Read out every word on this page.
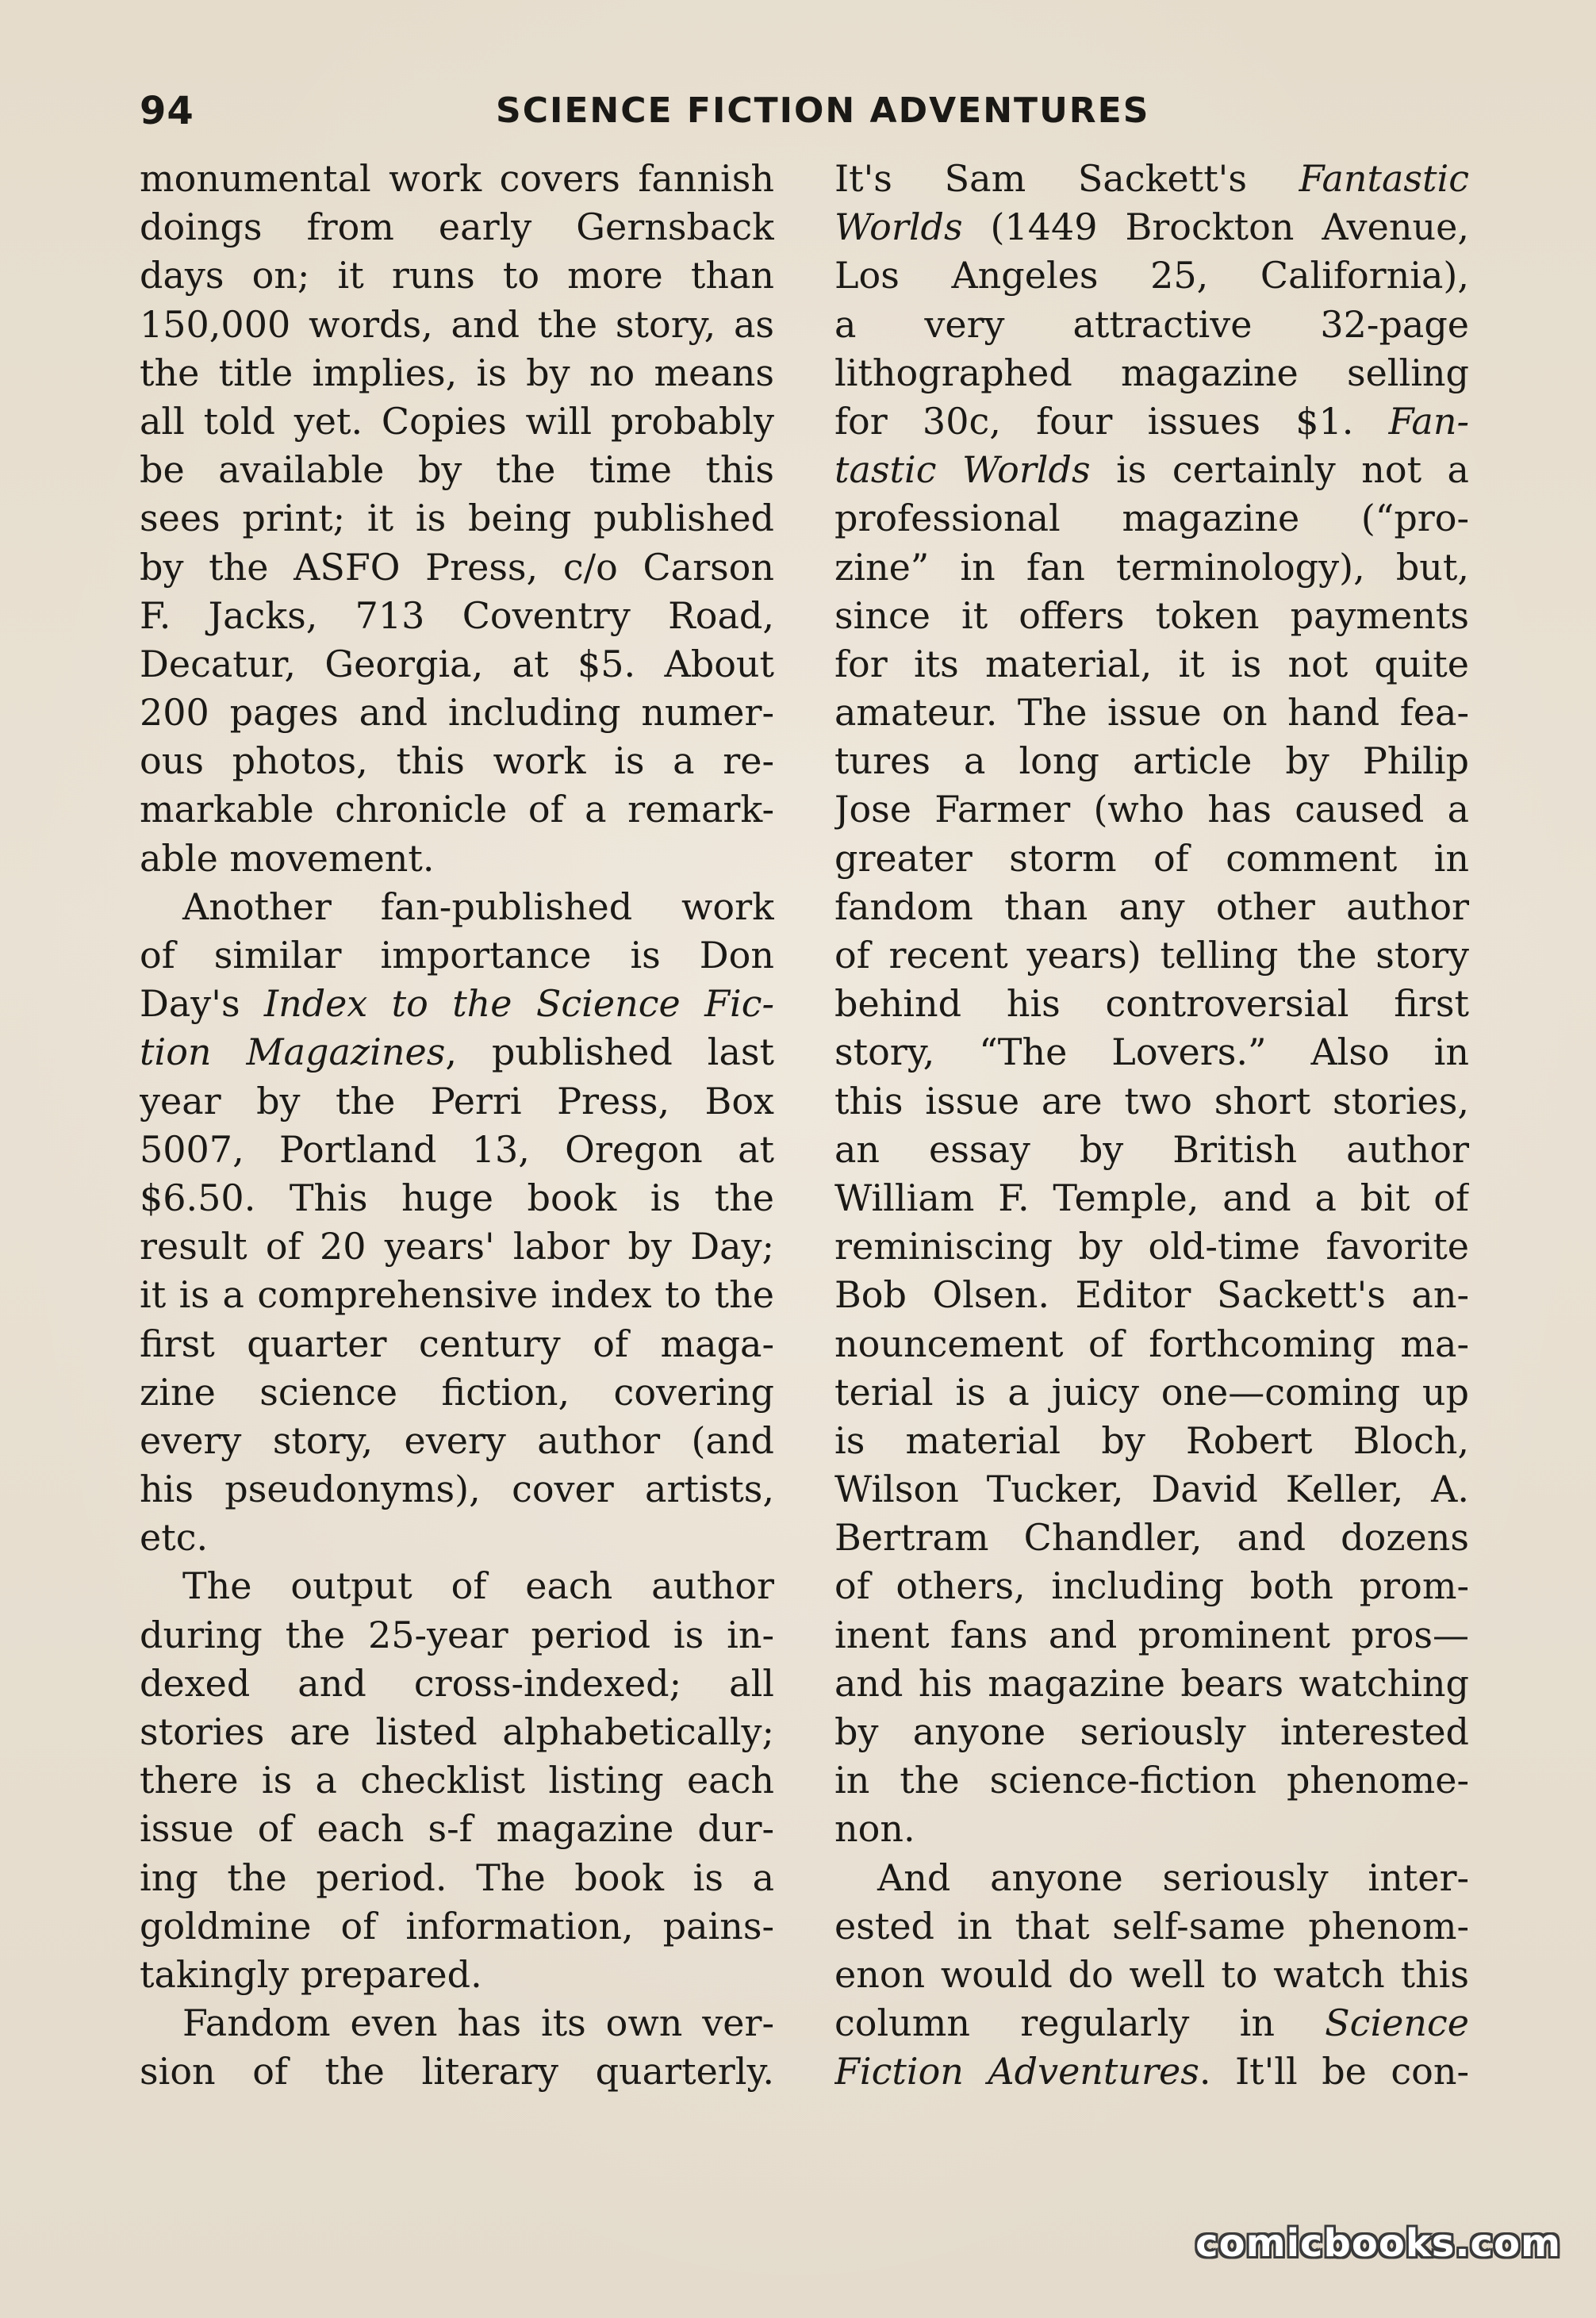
94	SCIENCE FICTION ADVENTURES
monumental work covers fannish
doings from early Gernsback
days on; it runs to more than
150,000 words, and the story, as
the title implies, is by no means
all told yet. Copies will probably
be available by the time this
sees print; it is being published
by the ASFO Press, c/o Carson
F. Jacks, 713 Coventry Road,
Decatur, Georgia, at $5. About
200 pages and including numer-
ous photos, this work is a re-
markable chronicle of a remark-
able movement.
Another fan-published work
of similar importance is Don
Day's Index to the Science Fic-
tion Magazines, published last
year by the Perri Press, Box
5007, Portland 13, Oregon at
$6.50. This huge book is the
result of 20 years' labor by Day;
it is a comprehensive index to the
first quarter century of maga-
zine science fiction, covering
every story, every author (and
his pseudonyms), cover artists,
etc.
The output of each author
during the 25-year period is in-
dexed and cross-indexed; all
stories are listed alphabetically;
there is a checklist listing each
issue of each s-f magazine dur-
ing the period. The book is a
goldmine of information, pains-
takingly prepared.
Fandom even has its own ver-
sion of the literary quarterly.
It's Sam Sackett's Fantastic
Worlds (1449 Brockton Avenue,
Los Angeles 25, California),
a very attractive 32-page
lithographed magazine selling
for 30c, four issues $1. Fan-
tastic Worlds is certainly not a
professional magazine (“pro-
zine” in fan terminology), but,
since it offers token payments
for its material, it is not quite
amateur. The issue on hand fea-
tures a long article by Philip
Jose Farmer (who has caused a
greater storm of comment in
fandom than any other author
of recent years) telling the story
behind his controversial first
story, “The Lovers.” Also in
this issue are two short stories,
an essay by British author
William F. Temple, and a bit of
reminiscing by old-time favorite
Bob Olsen. Editor Sackett's an-
nouncement of forthcoming ma-
terial is a juicy one—coming up
is material by Robert Bloch,
Wilson Tucker, David Keller, A.
Bertram Chandler, and dozens
of others, including both prom-
inent fans and prominent pros—
and his magazine bears watching
by anyone seriously interested
in the science-fiction phenome-
non.
And anyone seriously inter-
ested in that self-same phenom-
enon would do well to watch this
column regularly in Science
Fiction Adventures. It'll be con-
comicbooks.com
